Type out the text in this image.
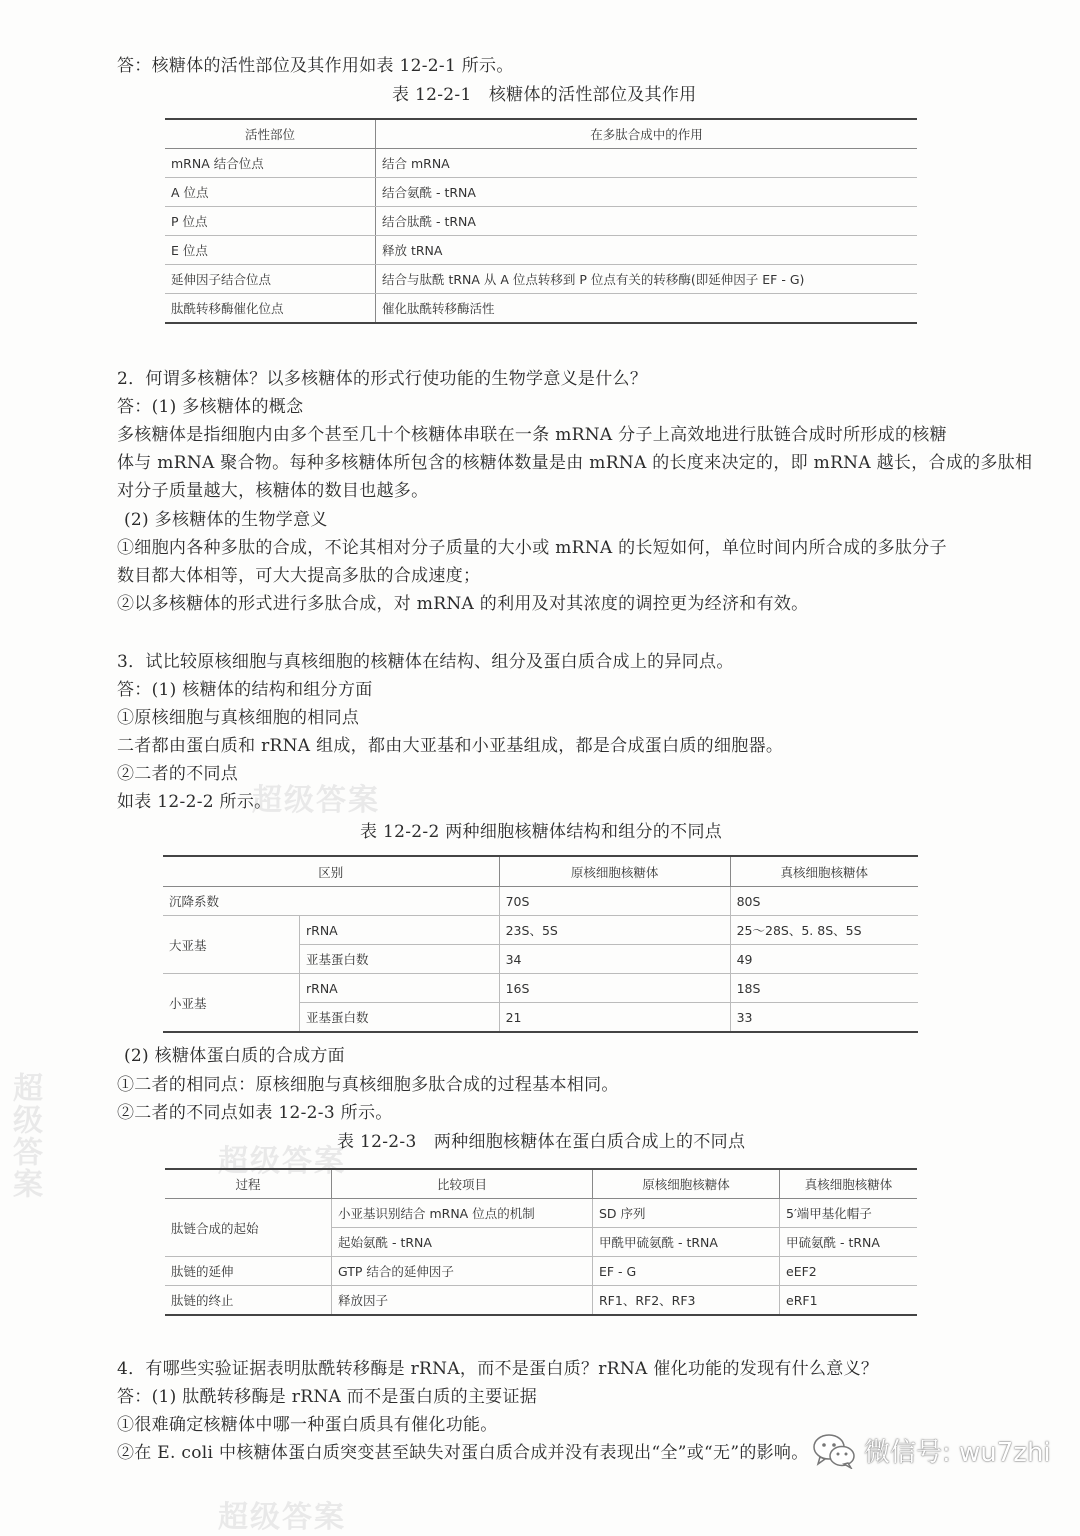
超级答案
超级答案
超级答案
超级答案
答：核糖体的活性部位及其作用如表 12-2-1 所示。
表 12-2-1　核糖体的活性部位及其作用
活性部位	在多肽合成中的作用
mRNA 结合位点	结合 mRNA
A 位点	结合氨酰 - tRNA
P 位点	结合肽酰 - tRNA
E 位点	释放 tRNA
延伸因子结合位点	结合与肽酰 tRNA 从 A 位点转移到 P 位点有关的转移酶(即延伸因子 EF - G)
肽酰转移酶催化位点	催化肽酰转移酶活性
2．何谓多核糖体？以多核糖体的形式行使功能的生物学意义是什么？
答：(1) 多核糖体的概念
多核糖体是指细胞内由多个甚至几十个核糖体串联在一条 mRNA 分子上高效地进行肽链合成时所形成的核糖
体与 mRNA 聚合物。每种多核糖体所包含的核糖体数量是由 mRNA 的长度来决定的，即 mRNA 越长，合成的多肽相
对分子质量越大，核糖体的数目也越多。
(2) 多核糖体的生物学意义
①细胞内各种多肽的合成，不论其相对分子质量的大小或 mRNA 的长短如何，单位时间内所合成的多肽分子
数目都大体相等，可大大提高多肽的合成速度；
②以多核糖体的形式进行多肽合成，对 mRNA 的利用及对其浓度的调控更为经济和有效。
3．试比较原核细胞与真核细胞的核糖体在结构、组分及蛋白质合成上的异同点。
答：(1) 核糖体的结构和组分方面
①原核细胞与真核细胞的相同点
二者都由蛋白质和 rRNA 组成，都由大亚基和小亚基组成，都是合成蛋白质的细胞器。
②二者的不同点
如表 12-2-2 所示。
表 12-2-2 两种细胞核糖体结构和组分的不同点
区别		原核细胞核糖体	真核细胞核糖体
沉降系数		70S	80S
大亚基	rRNA	23S、5S	25～28S、5. 8S、5S
	亚基蛋白数	34	49
小亚基	rRNA	16S	18S
	亚基蛋白数	21	33
(2) 核糖体蛋白质的合成方面
①二者的相同点：原核细胞与真核细胞多肽合成的过程基本相同。
②二者的不同点如表 12-2-3 所示。
表 12-2-3　两种细胞核糖体在蛋白质合成上的不同点
过程	比较项目	原核细胞核糖体	真核细胞核糖体
肽链合成的起始	小亚基识别结合 mRNA 位点的机制	SD 序列	5′端甲基化帽子
	起始氨酰 - tRNA	甲酰甲硫氨酰 - tRNA	甲硫氨酰 - tRNA
肽链的延伸	GTP 结合的延伸因子	EF - G	eEF2
肽链的终止	释放因子	RF1、RF2、RF3	eRF1
4．有哪些实验证据表明肽酰转移酶是 rRNA，而不是蛋白质？rRNA 催化功能的发现有什么意义？
答：(1) 肽酰转移酶是 rRNA 而不是蛋白质的主要证据
①很难确定核糖体中哪一种蛋白质具有催化功能。
②在 E. coli 中核糖体蛋白质突变甚至缺失对蛋白质合成并没有表现出“全”或“无”的影响。 微信号: wu7zhi
